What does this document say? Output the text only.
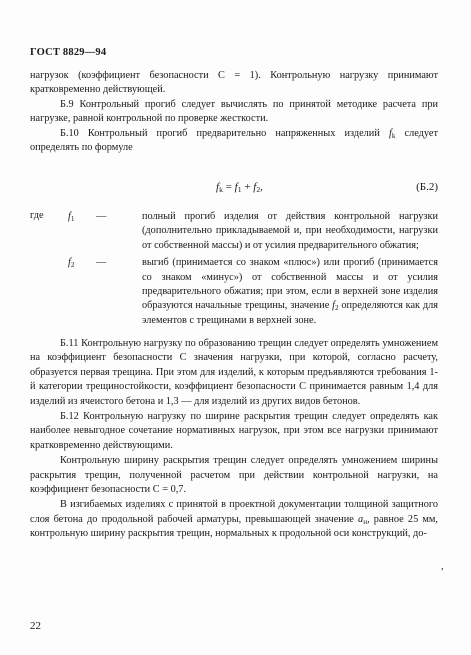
ГОСТ 8829—94

нагрузок (коэффициент безопасности C = 1). Контрольную нагрузку принимают кратковременно действующей.

Б.9 Контрольный прогиб следует вычислять по принятой методике расчета при нагрузке, равной контрольной по проверке жесткости.

Б.10 Контрольный прогиб предварительно напряженных изделий $f_k$ следует определять по формуле

$f_k = f_1 + f_2$,	(Б.2)
где $f_1$ —	полный прогиб изделия от действия контрольной нагрузки (дополнительно прикладываемой и, при необходимости, нагрузки от собственной массы) и от усилия предварительного обжатия;

$f_2$ —	выгиб (принимается со знаком «плюс») или прогиб (принимается со знаком «минус») от собственной массы и от усилия предварительного обжатия; при этом, если в верхней зоне изделия образуются начальные трещины, значение $f_2$ определяются как для элементов с трещинами в верхней зоне.

Б.11 Контрольную нагрузку по образованию трещин следует определять умножением на коэффициент безопасности C значения нагрузки, при которой, согласно расчету, образуется первая трещина. При этом для изделий, к которым предъявляются требования 1-й категории трещиностойкости, коэффициент безопасности C принимается равным 1,4 для изделий из ячеистого бетона и 1,3 — для изделий из других видов бетонов.

Б.12 Контрольную нагрузку по ширине раскрытия трещин следует определять как наиболее невыгодное сочетание нормативных нагрузок, при этом все нагрузки принимают кратковременно действующими.

Контрольную ширину раскрытия трещин следует определять умножением ширины раскрытия трещин, полученной расчетом при действии контрольной нагрузки, на коэффициент безопасности C = 0,7.

В изгибаемых изделиях с принятой в проектной документации толщиной защитного слоя бетона до продольной рабочей арматуры, превышающей значение $a_н$, равное 25 мм, контрольную ширину раскрытия трещин, нормальных к продольной оси конструкций, до-

,
22
